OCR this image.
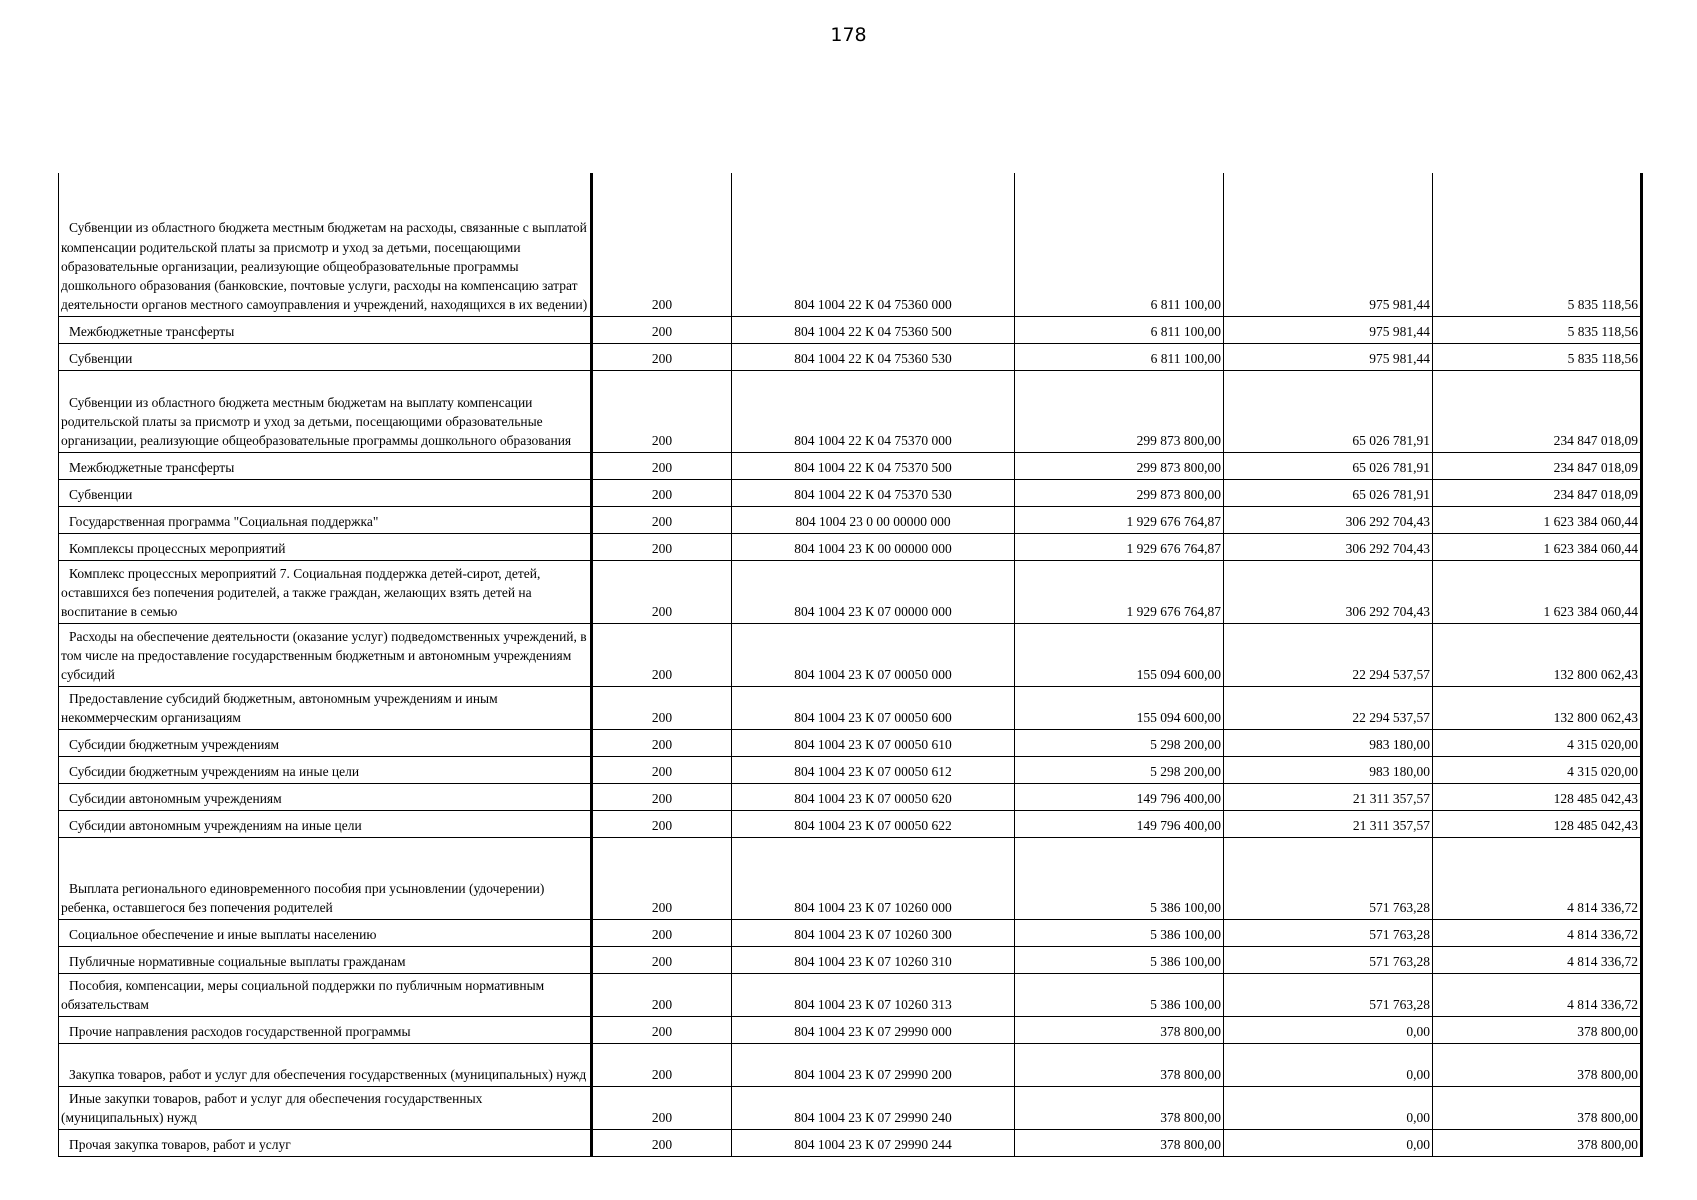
178
Субвенции из областного бюджета местным бюджетам на расходы, связанные с выплатой компенсации родительской платы за присмотр и уход за детьми, посещающими образовательные организации, реализующие общеобразовательные программы дошкольного образования (банковские, почтовые услуги, расходы на компенсацию затрат деятельности органов местного самоуправления и учреждений, находящихся в их ведении)	200	804 1004 22 К 04 75360 000	6 811 100,00	975 981,44	5 835 118,56
Межбюджетные трансферты	200	804 1004 22 К 04 75360 500	6 811 100,00	975 981,44	5 835 118,56
Субвенции	200	804 1004 22 К 04 75360 530	6 811 100,00	975 981,44	5 835 118,56
Субвенции из областного бюджета местным бюджетам на выплату компенсации родительской платы за присмотр и уход за детьми, посещающими образовательные организации, реализующие общеобразовательные программы дошкольного образования	200	804 1004 22 К 04 75370 000	299 873 800,00	65 026 781,91	234 847 018,09
Межбюджетные трансферты	200	804 1004 22 К 04 75370 500	299 873 800,00	65 026 781,91	234 847 018,09
Субвенции	200	804 1004 22 К 04 75370 530	299 873 800,00	65 026 781,91	234 847 018,09
Государственная программа "Социальная поддержка"	200	804 1004 23 0 00 00000 000	1 929 676 764,87	306 292 704,43	1 623 384 060,44
Комплексы процессных мероприятий	200	804 1004 23 К 00 00000 000	1 929 676 764,87	306 292 704,43	1 623 384 060,44
Комплекс процессных мероприятий 7. Социальная поддержка детей-сирот, детей, оставшихся без попечения родителей, а также граждан, желающих взять детей на воспитание в семью	200	804 1004 23 К 07 00000 000	1 929 676 764,87	306 292 704,43	1 623 384 060,44
Расходы на обеспечение деятельности (оказание услуг) подведомственных учреждений, в том числе на предоставление государственным бюджетным и автономным учреждениям субсидий	200	804 1004 23 К 07 00050 000	155 094 600,00	22 294 537,57	132 800 062,43
Предоставление субсидий бюджетным, автономным учреждениям и иным некоммерческим организациям	200	804 1004 23 К 07 00050 600	155 094 600,00	22 294 537,57	132 800 062,43
Субсидии бюджетным учреждениям	200	804 1004 23 К 07 00050 610	5 298 200,00	983 180,00	4 315 020,00
Субсидии бюджетным учреждениям на иные цели	200	804 1004 23 К 07 00050 612	5 298 200,00	983 180,00	4 315 020,00
Субсидии автономным учреждениям	200	804 1004 23 К 07 00050 620	149 796 400,00	21 311 357,57	128 485 042,43
Субсидии автономным учреждениям на иные цели	200	804 1004 23 К 07 00050 622	149 796 400,00	21 311 357,57	128 485 042,43
Выплата регионального единовременного пособия при усыновлении (удочерении) ребенка, оставшегося без попечения родителей	200	804 1004 23 К 07 10260 000	5 386 100,00	571 763,28	4 814 336,72
Социальное обеспечение и иные выплаты населению	200	804 1004 23 К 07 10260 300	5 386 100,00	571 763,28	4 814 336,72
Публичные нормативные социальные выплаты гражданам	200	804 1004 23 К 07 10260 310	5 386 100,00	571 763,28	4 814 336,72
Пособия, компенсации, меры социальной поддержки по публичным нормативным обязательствам	200	804 1004 23 К 07 10260 313	5 386 100,00	571 763,28	4 814 336,72
Прочие направления расходов государственной программы	200	804 1004 23 К 07 29990 000	378 800,00	0,00	378 800,00
Закупка товаров, работ и услуг для обеспечения государственных (муниципальных) нужд	200	804 1004 23 К 07 29990 200	378 800,00	0,00	378 800,00
Иные закупки товаров, работ и услуг для обеспечения государственных (муниципальных) нужд	200	804 1004 23 К 07 29990 240	378 800,00	0,00	378 800,00
Прочая закупка товаров, работ и услуг	200	804 1004 23 К 07 29990 244	378 800,00	0,00	378 800,00
